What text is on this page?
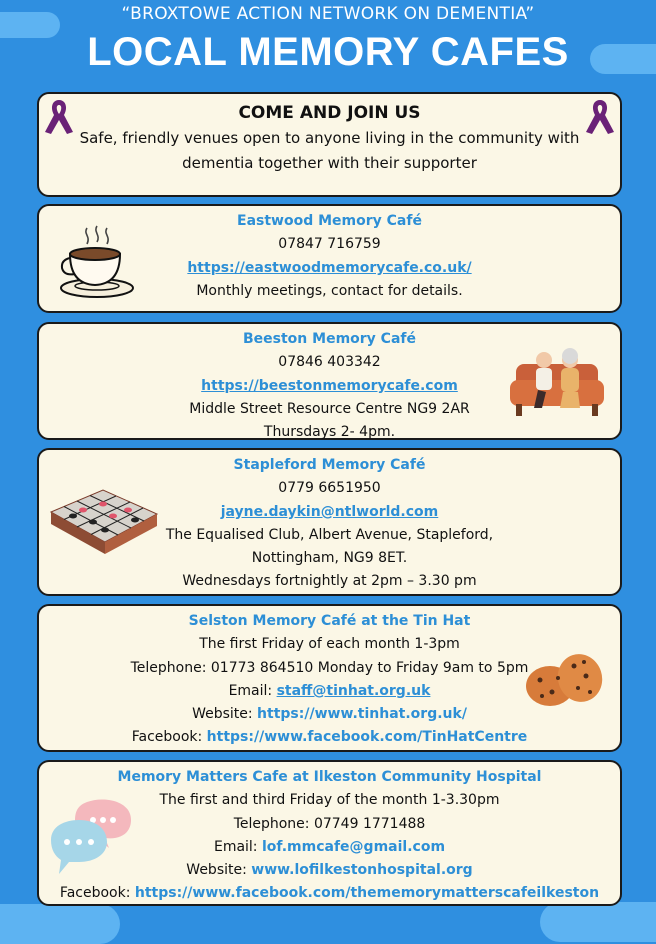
“BROXTOWE ACTION NETWORK ON DEMENTIA”
LOCAL MEMORY CAFES
COME AND JOIN US
Safe, friendly venues open to anyone living in the community with
dementia together with their supporter
Eastwood Memory Café
07847 716759
https://eastwoodmemorycafe.co.uk/
Monthly meetings, contact for details.
Beeston Memory Café
07846 403342
https://beestonmemorycafe.com
Middle Street Resource Centre NG9 2AR
Thursdays 2- 4pm.
Stapleford Memory Café
0779 6651950
jayne.daykin@ntlworld.com
The Equalised Club, Albert Avenue, Stapleford,
Nottingham, NG9 8ET.
Wednesdays fortnightly at 2pm – 3.30 pm
Selston Memory Café at the Tin Hat
The first Friday of each month 1-3pm
Telephone: 01773 864510 Monday to Friday 9am to 5pm
Email: staff@tinhat.org.uk
Website: https://www.tinhat.org.uk/
Facebook: https://www.facebook.com/TinHatCentre
Memory Matters Cafe at Ilkeston Community Hospital
The first and third Friday of the month 1-3.30pm
Telephone: 07749 1771488
Email: lof.mmcafe@gmail.com
Website: www.lofilkestonhospital.org
Facebook: https://www.facebook.com/thememorymatterscafeilkeston
